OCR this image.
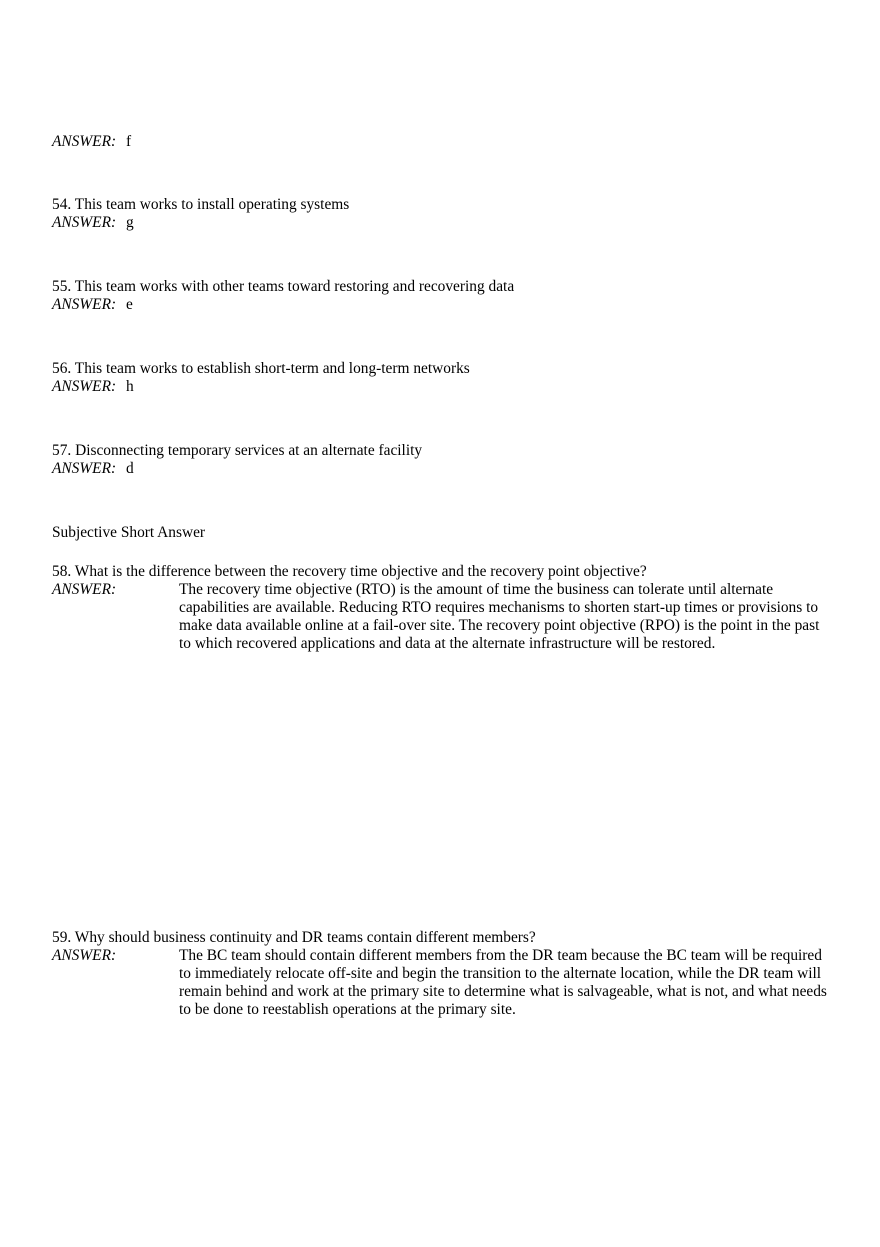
ANSWER: f
54. This team works to install operating systems
ANSWER: g
55. This team works with other teams toward restoring and recovering data
ANSWER: e
56. This team works to establish short-term and long-term networks
ANSWER: h
57. Disconnecting temporary services at an alternate facility
ANSWER: d
Subjective Short Answer
58. What is the difference between the recovery time objective and the recovery point objective?
ANSWER:	The recovery time objective (RTO) is the amount of time the business can tolerate until alternate capabilities are available. Reducing RTO requires mechanisms to shorten start-up times or provisions to make data available online at a fail-over site. The recovery point objective (RPO) is the point in the past to which recovered applications and data at the alternate infrastructure will be restored.
59. Why should business continuity and DR teams contain different members?
ANSWER:	The BC team should contain different members from the DR team because the BC team will be required to immediately relocate off-site and begin the transition to the alternate location, while the DR team will remain behind and work at the primary site to determine what is salvageable, what is not, and what needs to be done to reestablish operations at the primary site.
